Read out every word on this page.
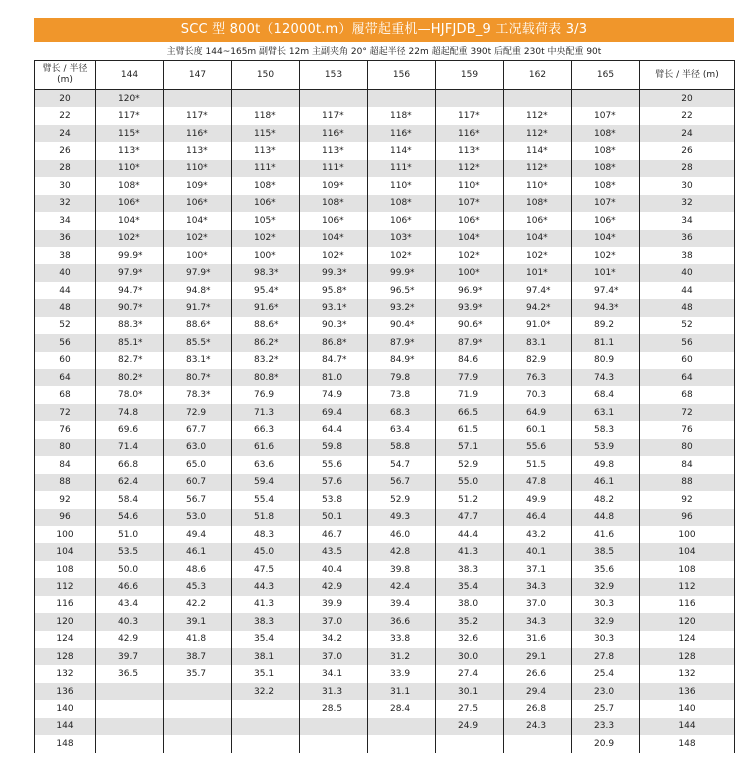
SCC 型 800t（12000t.m）履带起重机—HJFJDB_9 工况载荷表 3/3
主臂长度 144~165m 副臂长 12m 主副夹角 20° 超起半径 22m 超起配重 390t 后配重 230t 中央配重 90t
臂长 / 半径 (m)	144	147	150	153	156	159	162	165	臂长 / 半径 (m)
20	120*								20
22	117*	117*	118*	117*	118*	117*	112*	107*	22
24	115*	116*	115*	116*	116*	116*	112*	108*	24
26	113*	113*	113*	113*	114*	113*	114*	108*	26
28	110*	110*	111*	111*	111*	112*	112*	108*	28
30	108*	109*	108*	109*	110*	110*	110*	108*	30
32	106*	106*	106*	108*	108*	107*	108*	107*	32
34	104*	104*	105*	106*	106*	106*	106*	106*	34
36	102*	102*	102*	104*	103*	104*	104*	104*	36
38	99.9*	100*	100*	102*	102*	102*	102*	102*	38
40	97.9*	97.9*	98.3*	99.3*	99.9*	100*	101*	101*	40
44	94.7*	94.8*	95.4*	95.8*	96.5*	96.9*	97.4*	97.4*	44
48	90.7*	91.7*	91.6*	93.1*	93.2*	93.9*	94.2*	94.3*	48
52	88.3*	88.6*	88.6*	90.3*	90.4*	90.6*	91.0*	89.2	52
56	85.1*	85.5*	86.2*	86.8*	87.9*	87.9*	83.1	81.1	56
60	82.7*	83.1*	83.2*	84.7*	84.9*	84.6	82.9	80.9	60
64	80.2*	80.7*	80.8*	81.0	79.8	77.9	76.3	74.3	64
68	78.0*	78.3*	76.9	74.9	73.8	71.9	70.3	68.4	68
72	74.8	72.9	71.3	69.4	68.3	66.5	64.9	63.1	72
76	69.6	67.7	66.3	64.4	63.4	61.5	60.1	58.3	76
80	71.4	63.0	61.6	59.8	58.8	57.1	55.6	53.9	80
84	66.8	65.0	63.6	55.6	54.7	52.9	51.5	49.8	84
88	62.4	60.7	59.4	57.6	56.7	55.0	47.8	46.1	88
92	58.4	56.7	55.4	53.8	52.9	51.2	49.9	48.2	92
96	54.6	53.0	51.8	50.1	49.3	47.7	46.4	44.8	96
100	51.0	49.4	48.3	46.7	46.0	44.4	43.2	41.6	100
104	53.5	46.1	45.0	43.5	42.8	41.3	40.1	38.5	104
108	50.0	48.6	47.5	40.4	39.8	38.3	37.1	35.6	108
112	46.6	45.3	44.3	42.9	42.4	35.4	34.3	32.9	112
116	43.4	42.2	41.3	39.9	39.4	38.0	37.0	30.3	116
120	40.3	39.1	38.3	37.0	36.6	35.2	34.3	32.9	120
124	42.9	41.8	35.4	34.2	33.8	32.6	31.6	30.3	124
128	39.7	38.7	38.1	37.0	31.2	30.0	29.1	27.8	128
132	36.5	35.7	35.1	34.1	33.9	27.4	26.6	25.4	132
136			32.2	31.3	31.1	30.1	29.4	23.0	136
140				28.5	28.4	27.5	26.8	25.7	140
144						24.9	24.3	23.3	144
148								20.9	148
